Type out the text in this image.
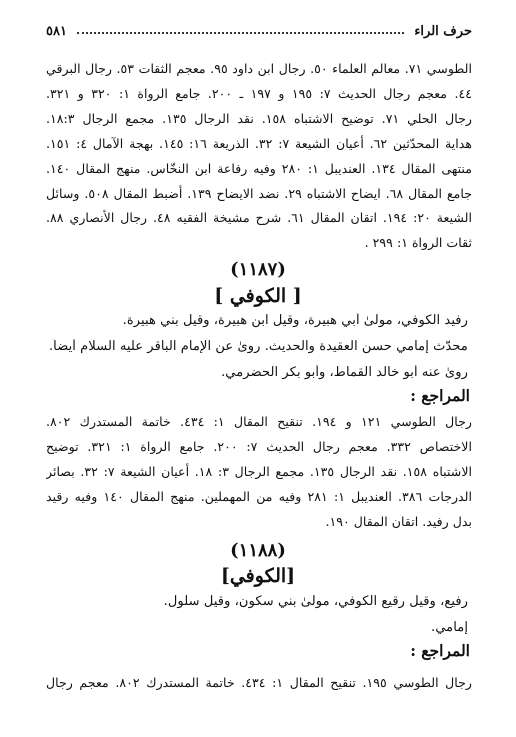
حرف الراء
٥٨١
الطوسي ٧١. معالم العلماء ٥٠. رجال ابن داود ٩٥. معجم الثقات ٥٣. رجال البرقي
٤٤. معجم رجال الحديث ٧: ١٩٥ و ١٩٧ ـ ٢٠٠. جامع الرواة ١: ٣٢٠ و ٣٢١.
رجال الحلي ٧١. توضيح الاشتباه ١٥٨. نقد الرجال ١٣٥. مجمع الرجال ١٨:٣.
هداية المحدّثين ٦٢. أعيان الشيعة ٧: ٣٢. الذريعة ١٦: ١٤٥. بهجة الآمال ٤: ١٥١.
منتهى المقال ١٣٤. العنديبل ١: ٢٨٠ وفيه رفاعة ابن النخّاس. منهج المقال ١٤٠.
جامع المقال ٦٨. ايضاح الاشتباه ٢٩. نضد الايضاح ١٣٩. أضبط المقال ٥٠٨. وسائل
الشيعة ٢٠: ١٩٤. اتقان المقال ٦١. شرح مشيخة الفقيه ٤٨. رجال الأنصاري ٨٨.
ثقات الرواة ١: ٢٩٩ .
(١١٨٧)
[ الكوفي ]
رفيد الكوفي، مولىٰ أبي هبيرة، وقيل ابن هبيرة، وقيل بني هبيرة.
محدّث إمامي حسن العقيدة والحديث. روىٰ عن الإمام الباقر عليه السلام أيضاً.
روىٰ عنه أبو خالد القماط، وأبو بكر الحضرمي.
المراجع :
رجال الطوسي ١٢١ و ١٩٤. تنقيح المقال ١: ٤٣٤. خاتمة المستدرك ٨٠٢.
الاختصاص ٣٣٢. معجم رجال الحديث ٧: ٢٠٠. جامع الرواة ١: ٣٢١. توضيح
الاشتباه ١٥٨. نقد الرجال ١٣٥. مجمع الرجال ٣: ١٨. أعيان الشيعة ٧: ٣٢. بصائر
الدرجات ٣٨٦. العنديبل ١: ٢٨١ وفيه من المهملين. منهج المقال ١٤٠ وفيه رقيد
بدل رفيد. اتقان المقال ١٩٠.
(١١٨٨)
[الكوفي]
رفيع، وقيل رقيع الكوفي، مولىٰ بني سكون، وقيل سلول.
إمامي.
المراجع :
رجال الطوسي ١٩٥. تنقيح المقال ١: ٤٣٤. خاتمة المستدرك ٨٠٢. معجم رجال
